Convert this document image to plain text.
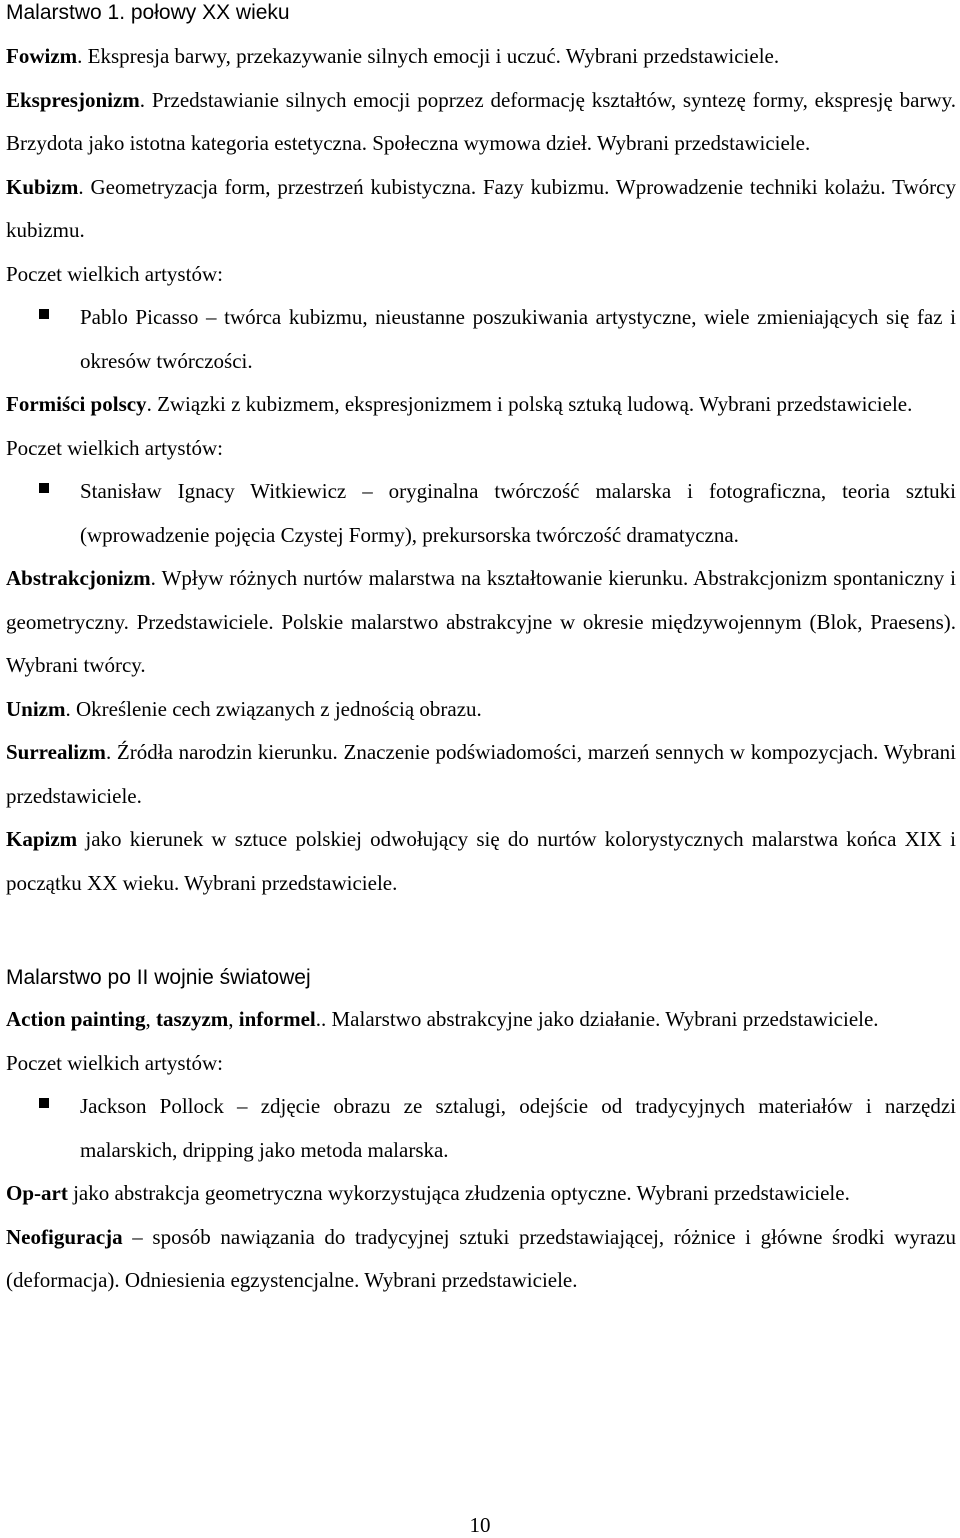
Malarstwo 1. połowy XX wieku

Fowizm. Ekspresja barwy, przekazywanie silnych emocji i uczuć. Wybrani przedstawiciele.

Ekspresjonizm. Przedstawianie silnych emocji poprzez deformację kształtów, syntezę formy, ekspresję barwy. Brzydota jako istotna kategoria estetyczna. Społeczna wymowa dzieł. Wybrani przedstawiciele.

Kubizm. Geometryzacja form, przestrzeń kubistyczna. Fazy kubizmu. Wprowadzenie techniki kolażu. Twórcy kubizmu.

Poczet wielkich artystów:

Pablo Picasso – twórca kubizmu, nieustanne poszukiwania artystyczne, wiele zmieniających się faz i okresów twórczości.

Formiści polscy. Związki z kubizmem, ekspresjonizmem i polską sztuką ludową. Wybrani przedstawiciele.

Poczet wielkich artystów:

Stanisław Ignacy Witkiewicz – oryginalna twórczość malarska i fotograficzna, teoria sztuki (wprowadzenie pojęcia Czystej Formy), prekursorska twórczość dramatyczna.

Abstrakcjonizm. Wpływ różnych nurtów malarstwa na kształtowanie kierunku. Abstrakcjonizm spontaniczny i geometryczny. Przedstawiciele. Polskie malarstwo abstrakcyjne w okresie międzywojennym (Blok, Praesens). Wybrani twórcy.

Unizm. Określenie cech związanych z jednością obrazu.

Surrealizm. Źródła narodzin kierunku. Znaczenie podświadomości, marzeń sennych w kompozycjach. Wybrani przedstawiciele.

Kapizm jako kierunek w sztuce polskiej odwołujący się do nurtów kolorystycznych malarstwa końca XIX i początku XX wieku. Wybrani przedstawiciele.

Malarstwo po II wojnie światowej

Action painting, taszyzm, informel.. Malarstwo abstrakcyjne jako działanie. Wybrani przedstawiciele.

Poczet wielkich artystów:

Jackson Pollock – zdjęcie obrazu ze sztalugi, odejście od tradycyjnych materiałów i narzędzi malarskich, dripping jako metoda malarska.

Op-art jako abstrakcja geometryczna wykorzystująca złudzenia optyczne. Wybrani przedstawiciele.

Neofiguracja – sposób nawiązania do tradycyjnej sztuki przedstawiającej, różnice i główne środki wyrazu (deformacja). Odniesienia egzystencjalne. Wybrani przedstawiciele.

10
